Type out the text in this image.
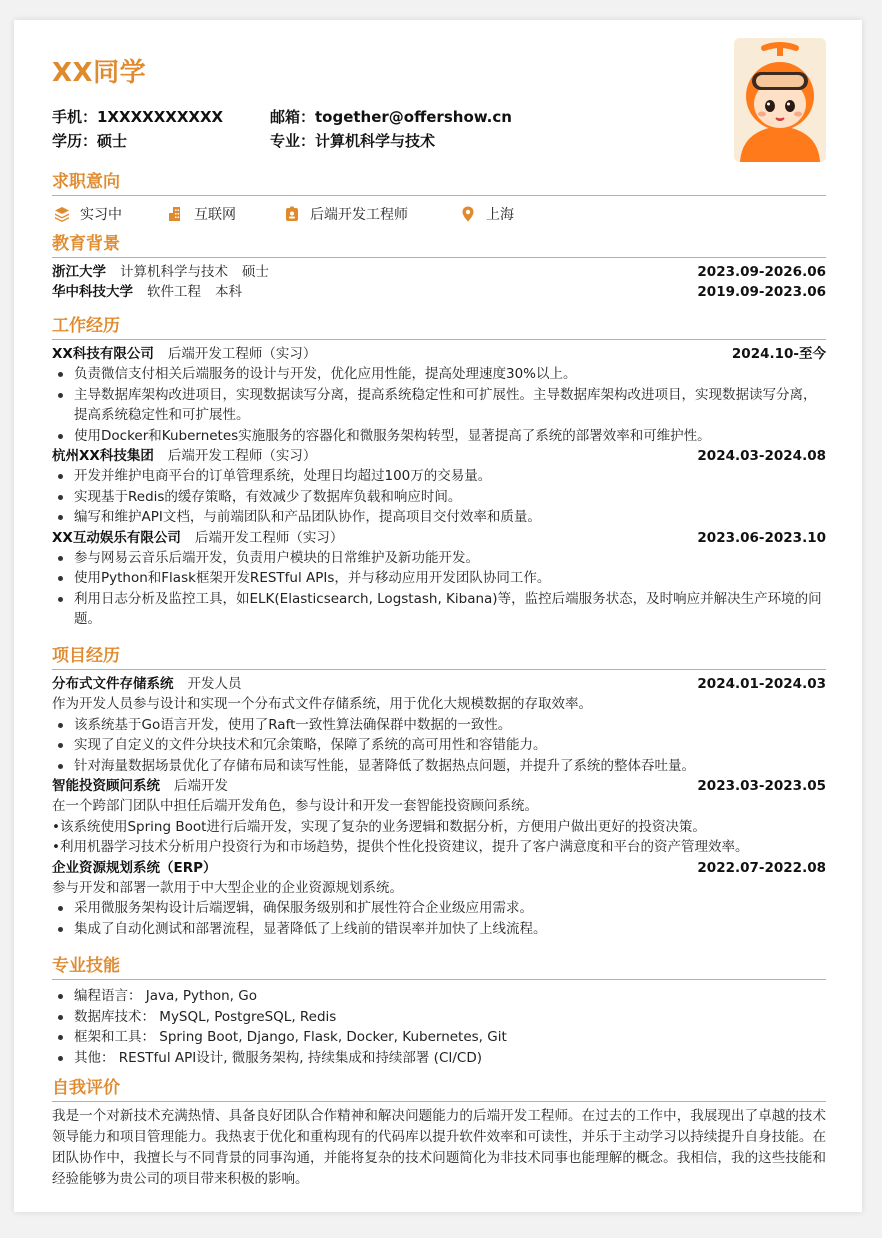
XX同学
手机：1XXXXXXXXXX	邮箱：together@offershow.cn
学历：硕士	专业：计算机科学与技术
求职意向
实习中	互联网	后端开发工程师	上海
教育背景
浙江大学 计算机科学与技术 硕士	2023.09-2026.06
华中科技大学 软件工程 本科	2019.09-2023.06
工作经历
XX科技有限公司 后端开发工程师（实习）	2024.10-至今
负责微信支付相关后端服务的设计与开发，优化应用性能，提高处理速度30%以上。
主导数据库架构改进项目，实现数据读写分离，提高系统稳定性和可扩展性。主导数据库架构改进项目，实现数据读写分离，提高系统稳定性和可扩展性。
使用Docker和Kubernetes实施服务的容器化和微服务架构转型，显著提高了系统的部署效率和可维护性。
杭州XX科技集团 后端开发工程师（实习）	2024.03-2024.08
开发并维护电商平台的订单管理系统，处理日均超过100万的交易量。
实现基于Redis的缓存策略，有效减少了数据库负载和响应时间。
编写和维护API文档，与前端团队和产品团队协作，提高项目交付效率和质量。
XX互动娱乐有限公司 后端开发工程师（实习）	2023.06-2023.10
参与网易云音乐后端开发，负责用户模块的日常维护及新功能开发。
使用Python和Flask框架开发RESTful APIs，并与移动应用开发团队协同工作。
利用日志分析及监控工具，如ELK(Elasticsearch, Logstash, Kibana)等，监控后端服务状态，及时响应并解决生产环境的问题。
项目经历
分布式文件存储系统 开发人员	2024.01-2024.03
作为开发人员参与设计和实现一个分布式文件存储系统，用于优化大规模数据的存取效率。
该系统基于Go语言开发，使用了Raft一致性算法确保群中数据的一致性。
实现了自定义的文件分块技术和冗余策略，保障了系统的高可用性和容错能力。
针对海量数据场景优化了存储布局和读写性能，显著降低了数据热点问题，并提升了系统的整体吞吐量。
智能投资顾问系统 后端开发	2023.03-2023.05
在一个跨部门团队中担任后端开发角色，参与设计和开发一套智能投资顾问系统。
•该系统使用Spring Boot进行后端开发，实现了复杂的业务逻辑和数据分析，方便用户做出更好的投资决策。
•利用机器学习技术分析用户投资行为和市场趋势，提供个性化投资建议，提升了客户满意度和平台的资产管理效率。
企业资源规划系统（ERP）	2022.07-2022.08
参与开发和部署一款用于中大型企业的企业资源规划系统。
采用微服务架构设计后端逻辑，确保服务级别和扩展性符合企业级应用需求。
集成了自动化测试和部署流程，显著降低了上线前的错误率并加快了上线流程。
专业技能
编程语言： Java, Python, Go
数据库技术： MySQL, PostgreSQL, Redis
框架和工具： Spring Boot, Django, Flask, Docker, Kubernetes, Git
其他： RESTful API设计, 微服务架构, 持续集成和持续部署 (CI/CD)
自我评价
我是一个对新技术充满热情、具备良好团队合作精神和解决问题能力的后端开发工程师。在过去的工作中，我展现出了卓越的技术领导能力和项目管理能力。我热衷于优化和重构现有的代码库以提升软件效率和可读性，并乐于主动学习以持续提升自身技能。在团队协作中，我擅长与不同背景的同事沟通，并能将复杂的技术问题简化为非技术同事也能理解的概念。我相信，我的这些技能和经验能够为贵公司的项目带来积极的影响。
